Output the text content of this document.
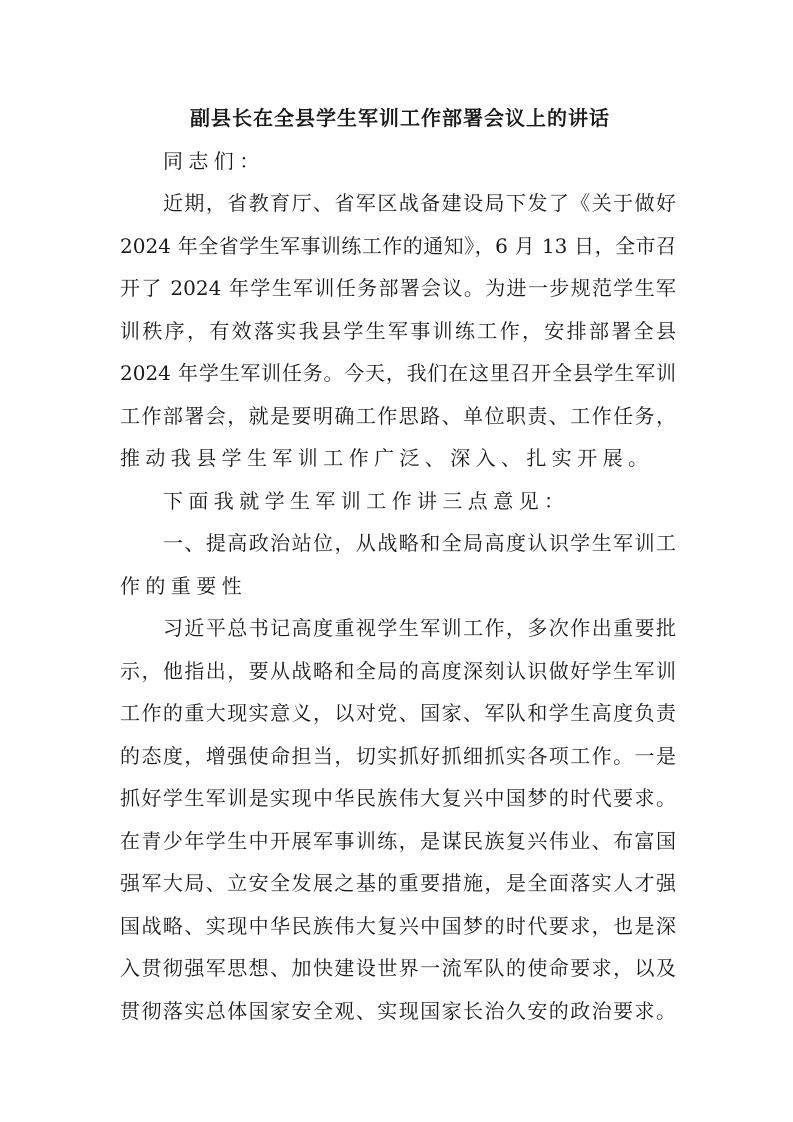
副县长在全县学生军训工作部署会议上的讲话
同志们：
近期，省教育厅、省军区战备建设局下发了《关于做好
2024 年全省学生军事训练工作的通知》，6 月 13 日，全市召
开了 2024 年学生军训任务部署会议。为进一步规范学生军
训秩序，有效落实我县学生军事训练工作，安排部署全县
2024 年学生军训任务。今天，我们在这里召开全县学生军训
工作部署会，就是要明确工作思路、单位职责、工作任务，
推动我县学生军训工作广泛、深入、扎实开展。
下面我就学生军训工作讲三点意见：
一、提高政治站位，从战略和全局高度认识学生军训工
作的重要性
习近平总书记高度重视学生军训工作，多次作出重要批
示，他指出，要从战略和全局的高度深刻认识做好学生军训
工作的重大现实意义，以对党、国家、军队和学生高度负责
的态度，增强使命担当，切实抓好抓细抓实各项工作。一是
抓好学生军训是实现中华民族伟大复兴中国梦的时代要求。
在青少年学生中开展军事训练，是谋民族复兴伟业、布富国
强军大局、立安全发展之基的重要措施，是全面落实人才强
国战略、实现中华民族伟大复兴中国梦的时代要求，也是深
入贯彻强军思想、加快建设世界一流军队的使命要求，以及
贯彻落实总体国家安全观、实现国家长治久安的政治要求。
